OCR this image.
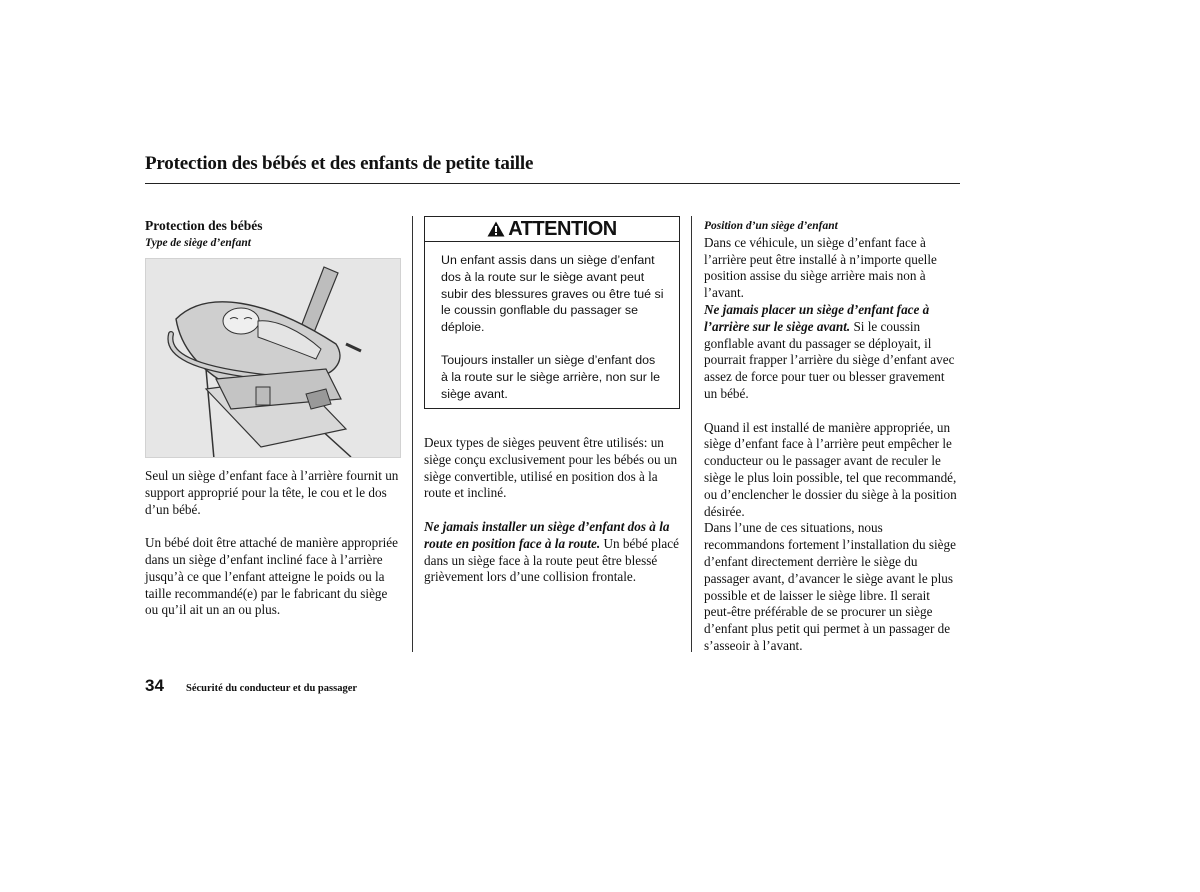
Protection des bébés et des enfants de petite taille

Protection des bébés

Type de siège d’enfant

Seul un siège d’enfant face à l’arrière fournit un support approprié pour la tête, le cou et le dos d’un bébé.

Un bébé doit être attaché de manière appropriée dans un siège d’enfant incliné face à l’arrière jusqu’à ce que l’enfant atteigne le poids ou la taille recommandé(e) par le fabricant du siège ou qu’il ait un an ou plus.

ATTENTION

Un enfant assis dans un siège d’enfant dos à la route sur le siège avant peut subir des blessures graves ou être tué si le coussin gonflable du passager se déploie.

Toujours installer un siège d’enfant dos à la route sur le siège arrière, non sur le siège avant.

Deux types de sièges peuvent être utilisés: un siège conçu exclusivement pour les bébés ou un siège convertible, utilisé en position dos à la route et incliné.

Ne jamais installer un siège d’enfant dos à la route en position face à la route. Un bébé placé dans un siège face à la route peut être blessé grièvement lors d’une collision frontale.

Position d’un siège d’enfant

Dans ce véhicule, un siège d’enfant face à l’arrière peut être installé à n’importe quelle position assise du siège arrière mais non à l’avant.

Ne jamais placer un siège d’enfant face à l’arrière sur le siège avant. Si le coussin gonflable avant du passager se déployait, il pourrait frapper l’arrière du siège d’enfant avec assez de force pour tuer ou blesser gravement un bébé.

Quand il est installé de manière appropriée, un siège d’enfant face à l’arrière peut empêcher le conducteur ou le passager avant de reculer le siège le plus loin possible, tel que recommandé, ou d’enclencher le dossier du siège à la position désirée.

Dans l’une de ces situations, nous recommandons fortement l’installation du siège d’enfant directement derrière le siège du passager avant, d’avancer le siège avant le plus possible et de laisser le siège libre. Il serait peut-être préférable de se procurer un siège d’enfant plus petit qui permet à un passager de s’asseoir à l’avant.

34 Sécurité du conducteur et du passager
